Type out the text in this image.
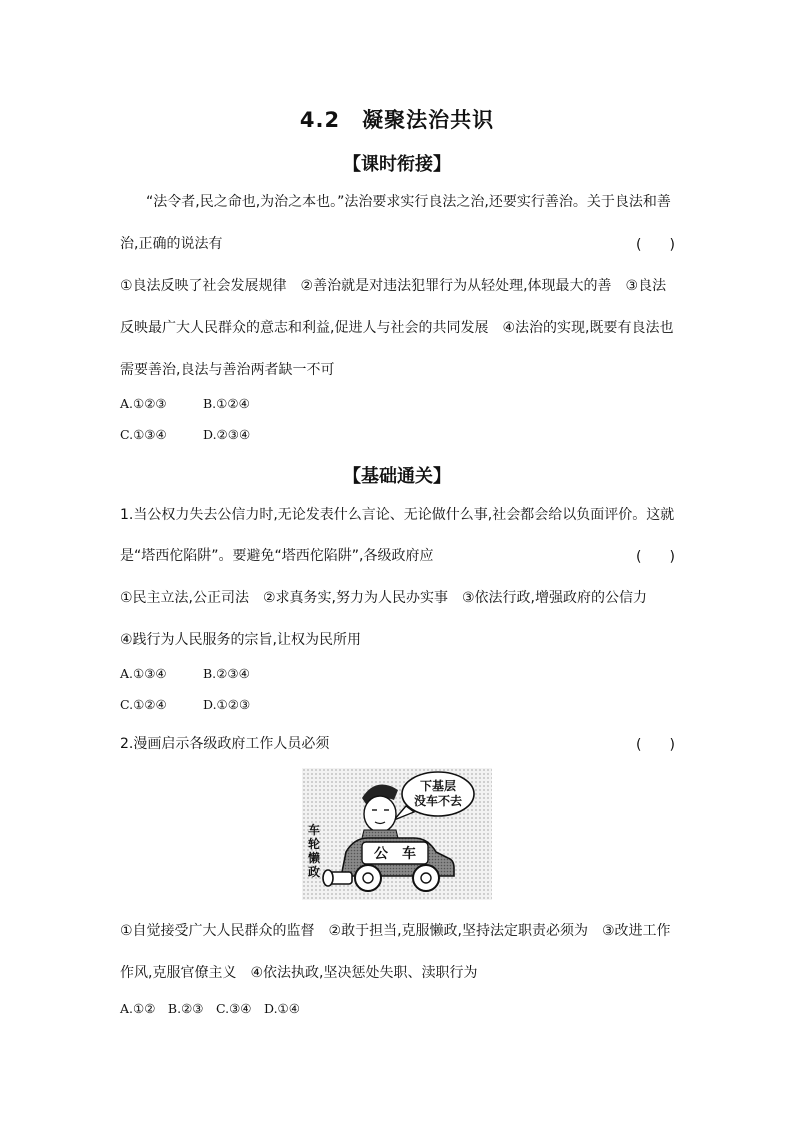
4.2　凝聚法治共识
【课时衔接】
“法令者,民之命也,为治之本也。”法治要求实行良法之治,还要实行善治。关于良法和善
治,正确的说法有	(　　)
①良法反映了社会发展规律　②善治就是对违法犯罪行为从轻处理,体现最大的善　③良法
反映最广大人民群众的意志和利益,促进人与社会的共同发展　④法治的实现,既要有良法也
需要善治,良法与善治两者缺一不可
A.①②③	B.①②④
C.①③④	D.②③④
【基础通关】
1.当公权力失去公信力时,无论发表什么言论、无论做什么事,社会都会给以负面评价。这就
是“塔西佗陷阱”。要避免“塔西佗陷阱”,各级政府应	(　　)
①民主立法,公正司法　②求真务实,努力为人民办实事　③依法行政,增强政府的公信力
④践行为人民服务的宗旨,让权为民所用
A.①③④	B.②③④
C.①②④	D.①②③
2.漫画启示各级政府工作人员必须	(　　)
下基层
没车不去
公　车
车
轮
懒
政
①自觉接受广大人民群众的监督　②敢于担当,克服懒政,坚持法定职责必须为　③改进工作
作风,克服官僚主义　④依法执政,坚决惩处失职、渎职行为
A.①②　B.②③　C.③④　D.①④
